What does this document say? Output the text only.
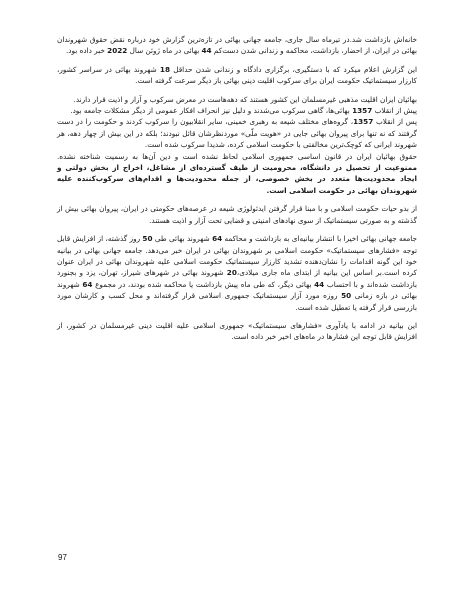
خانه‌اش بازداشت شد.در تیرماه سال جاری، جامعه جهانی بهائی در تازه‌ترین گزارش خود درباره نقض حقوق شهروندان بهائی در ایران، از احضار، بازداشت، محاکمه و زندانی شدن دست‌کم 44 بهائی در ماه ژوئن سال 2022 خبر داده بود.

این گزارش اعلام میکرد که با دستگیری، برگزاری دادگاه و زندانی شدن حداقل 18 شهروند بهائی در سراسر کشور، کارزار سیستماتیک حکومت ایران برای سرکوب اقلیت دینی بهائی باز دیگر سرعت گرفته است.

بهائیان ایران اقلیت مذهبی غیرمسلمان این کشور هستند که دهه‌هاست در معرض سرکوب و آزار و اذیت قرار دارند.

پیش از انقلاب 1357 بهائی‌ها، گاهی سرکوب می‌شدند و دلیل نیز انحراف افکار عمومی از دیگر مشکلات جامعه بود.

پس از انقلاب 1357، گروه‌های مختلف شیعه به رهبری خمینی، سایر انقلابیون را سرکوب کردند و حکومت را در دست گرفتند که نه تنها برای پیروان بهائی جایی در «هویت ملّی» موردنظرشان قائل نبودند؛ بلکه در این بیش از چهار دهه، هر شهروند ایرانی که کوچک‌ترین مخالفتی با حکومت اسلامی کرده، شدیدا سرکوب شده است.

حقوق بهائیان ایران در قانون اساسی جمهوری اسلامی لحاظ نشده است و دین آن‌ها به رسمیت شناخته نشده. ممنوعیت از تحصیل در دانشگاه، محرومیت از طیف گسترده‌ای از مشاغل، اخراج از بخش دولتی و ایجاد محدودیت‌ها متعدد در بخش خصوصی، از جمله محدودیت‌ها و اقدام‌های سرکوب‌کننده علیه شهروندان بهائی در حکومت اسلامی است.

از بدو حیات حکومت اسلامی و با مبنا قرار گرفتن ایدئولوژی شیعه در عرصه‌های حکومتی در ایران، پیروان بهائی بیش از گذشته و به صورتی سیستماتیک از سوی نهادهای امنیتی و قضایی تحت آزار و اذیت هستند.

جامعه جهانی بهائی اخیرا با انتشار بیانیه‌ای به بازداشت و محاکمه 64 شهروند بهائی طی 50 روز گذشته، از افزایش قابل توجه «فشارهای سیستماتیک» حکومت اسلامی بر شهروندان بهائی در ایران خبر می‌دهد. جامعه جهانی بهائی در بیانیه خود این گونه اقدامات را نشان‌دهنده تشدید کارزار سیستماتیک حکومت اسلامی علیه شهروندان بهائی در ایران عنوان کرده است.بر اساس این بیانیه از ابتدای ماه جاری میلادی،20 شهروند بهائی در شهرهای شیراز، تهران، یزد و بجنورد بازداشت شده‌اند و با احتساب 44 بهائی دیگر، که طی ماه پیش بازداشت یا محاکمه شده بودند، در مجموع 64 شهروند بهائی در بازه زمانی 50 روزه مورد آزار سیستماتیک جمهوری اسلامی قرار گرفته‌اند و محل کسب و کارشان مورد بازرسی قرار گرفته یا تعطیل شده است.

این بیانیه در ادامه با یادآوری «فشارهای سیستماتیک» جمهوری اسلامی علیه اقلیت دینی غیرمسلمان در کشور، از افزایش قابل توجه این فشارها در ماه‌های اخیر خبر داده است.

97
